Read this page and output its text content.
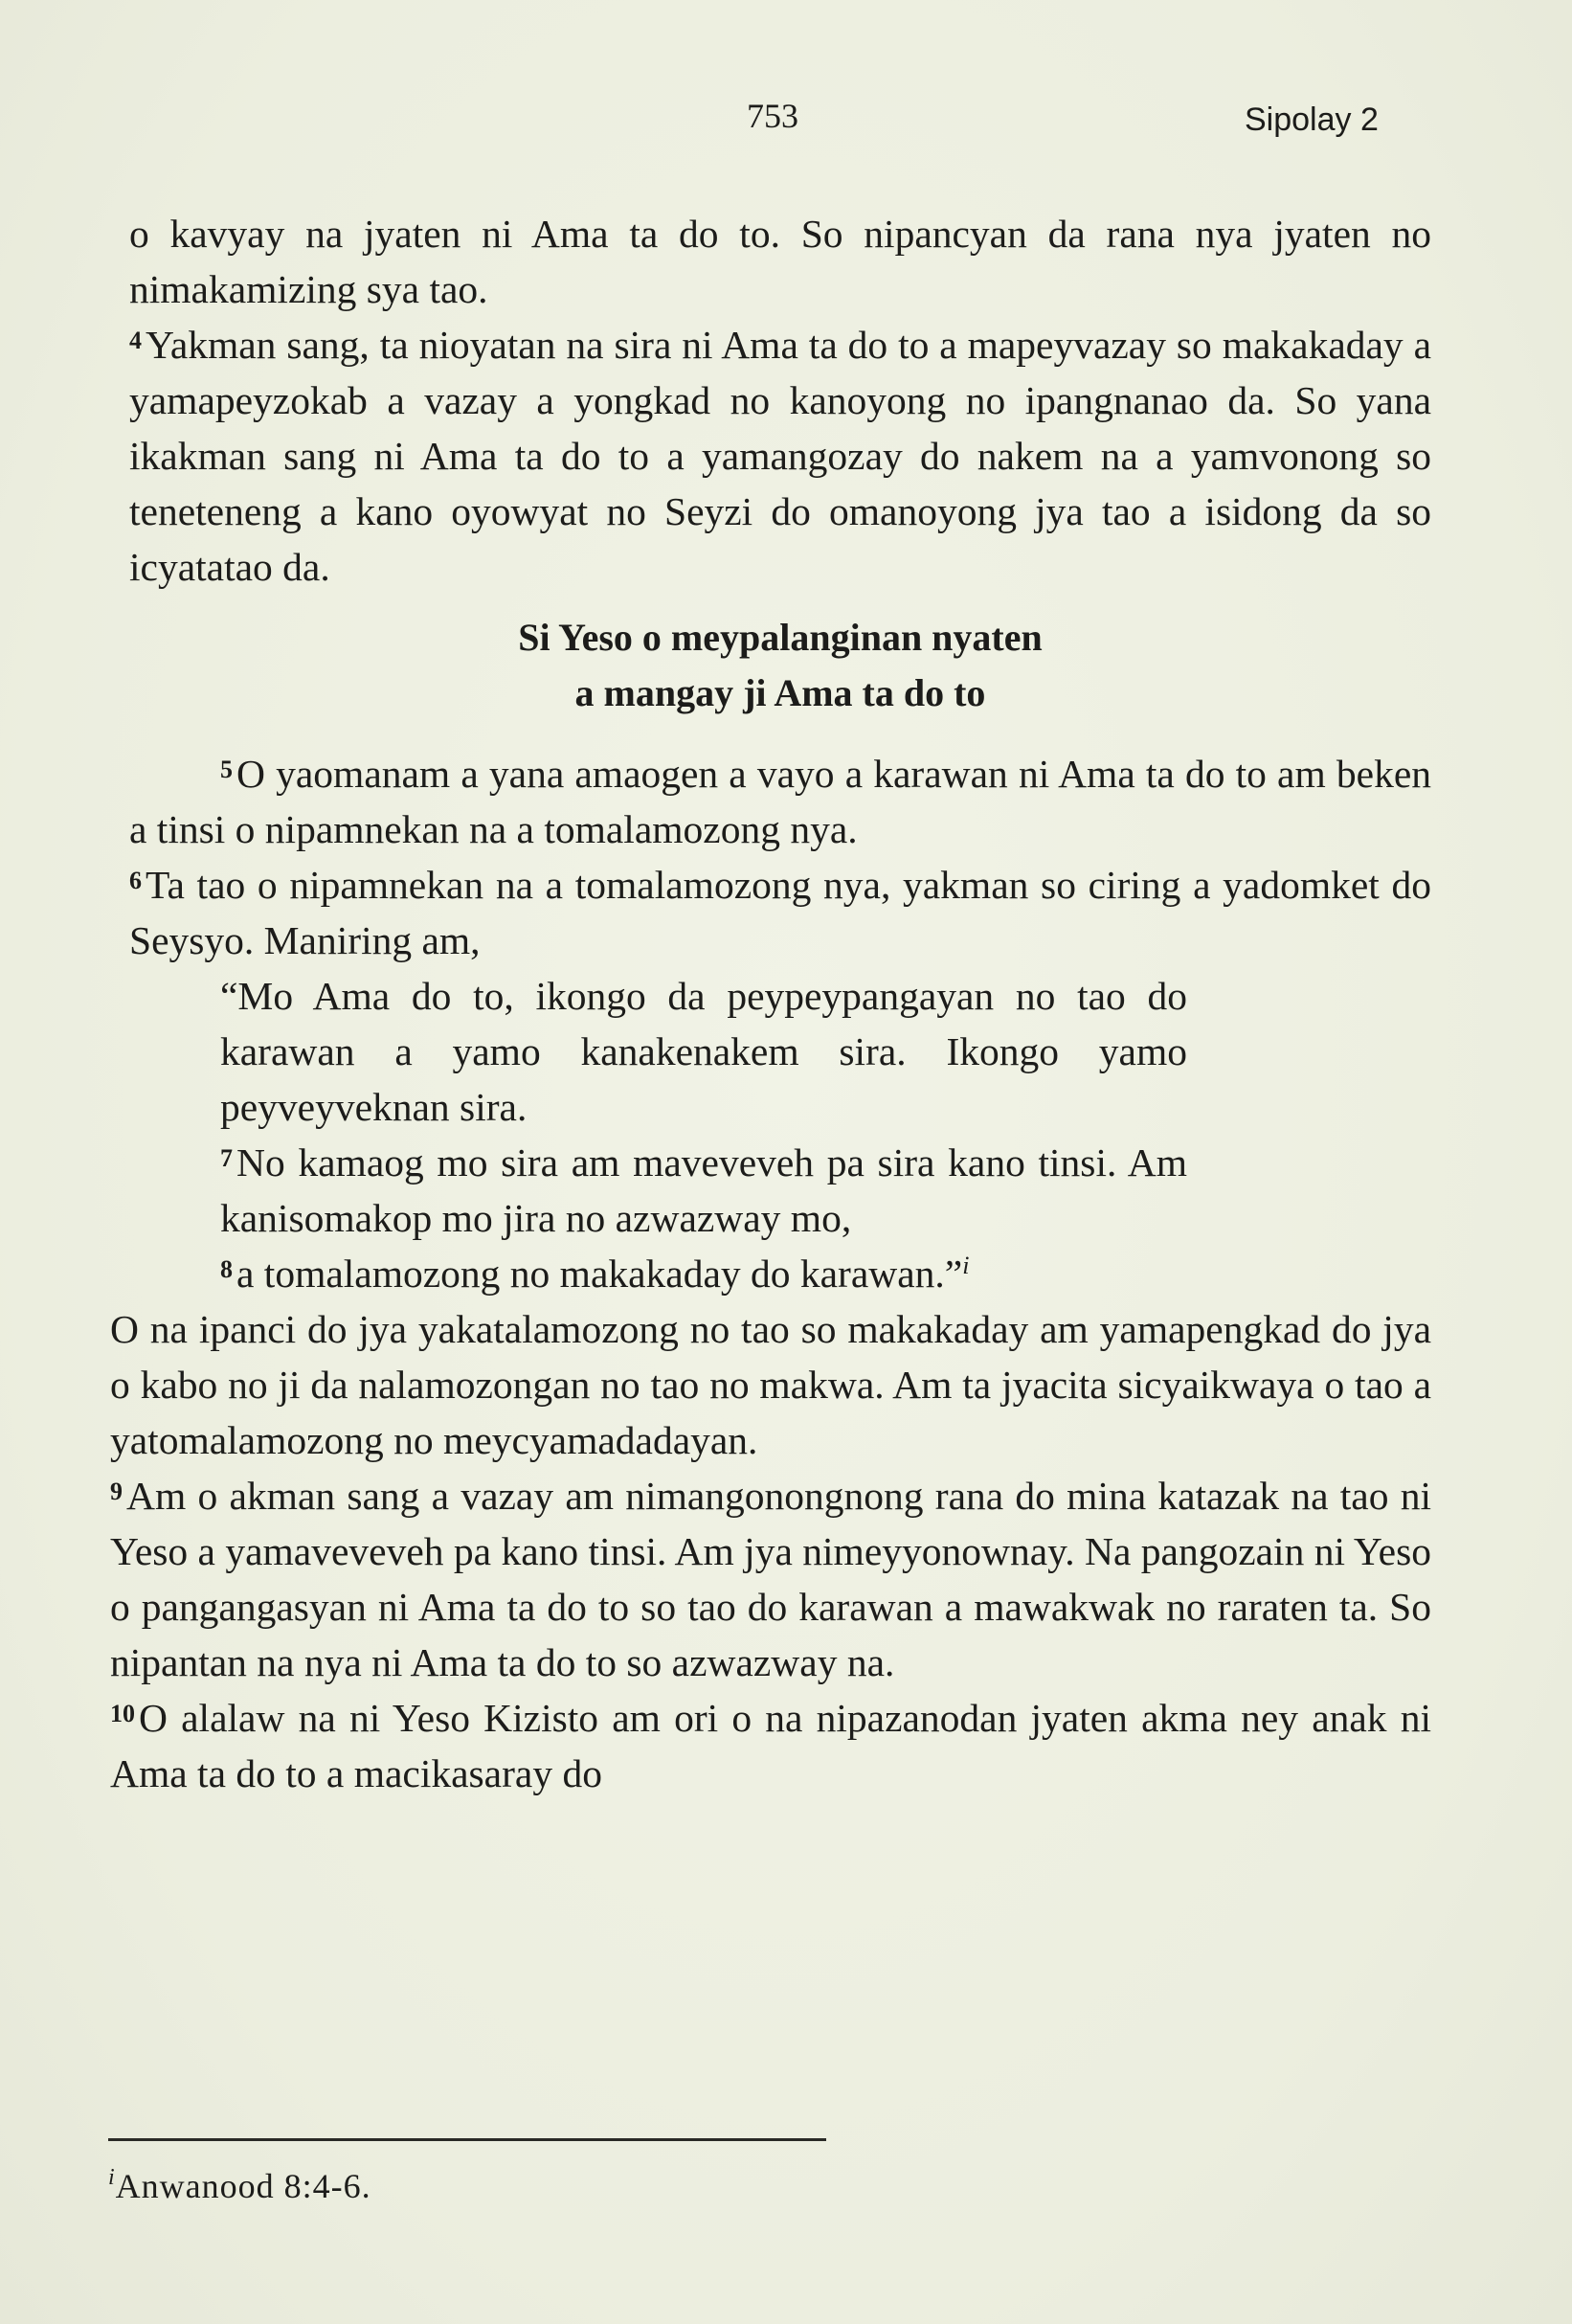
753	Sipolay 2

o kavyay na jyaten ni Ama ta do to. So nipancyan da rana nya jyaten no nimakamizing sya tao.

$^4$Yakman sang, ta nioyatan na sira ni Ama ta do to a mapeyvazay so makakaday a yamapeyzokab a vazay a yongkad no kanoyong no ipangnanao da. So yana ikakman sang ni Ama ta do to a yamangozay do nakem na a yamvonong so teneteneng a kano oyowyat no Seyzi do omanoyong jya tao a isidong da so icyatatao da.

Si Yeso o meypalanginan nyaten
a mangay ji Ama ta do to

$^5$O yaomanam a yana amaogen a vayo a karawan ni Ama ta do to am beken a tinsi o nipamnekan na a tomalamozong nya.

$^6$Ta tao o nipamnekan na a tomalamozong nya, yakman so ciring a yadomket do Seysyo. Maniring am,

“Mo Ama do to, ikongo da peypeypangayan no tao do karawan a yamo kanakenakem sira. Ikongo yamo peyveyveknan sira.

$^7$No kamaog mo sira am maveveveh pa sira kano tinsi. Am kanisomakop mo jira no azwazway mo,

$^8$a tomalamozong no makakaday do karawan.”$^i$

O na ipanci do jya yakatalamozong no tao so makakaday am yamapengkad do jya o kabo no ji da nalamozongan no tao no makwa. Am ta jyacita sicyaikwaya o tao a yatomalamozong no meycyamadadayan.

$^9$Am o akman sang a vazay am nimangonongnong rana do mina katazak na tao ni Yeso a yamaveveveh pa kano tinsi. Am jya nimeyyonownay. Na pangozain ni Yeso o pangangasyan ni Ama ta do to so tao do karawan a mawakwak no raraten ta. So nipantan na nya ni Ama ta do to so azwazway na.

$^{10}$O alalaw na ni Yeso Kizisto am ori o na nipazanodan jyaten akma ney anak ni Ama ta do to a macikasaray do

$^i$Anwanood 8:4-6.
